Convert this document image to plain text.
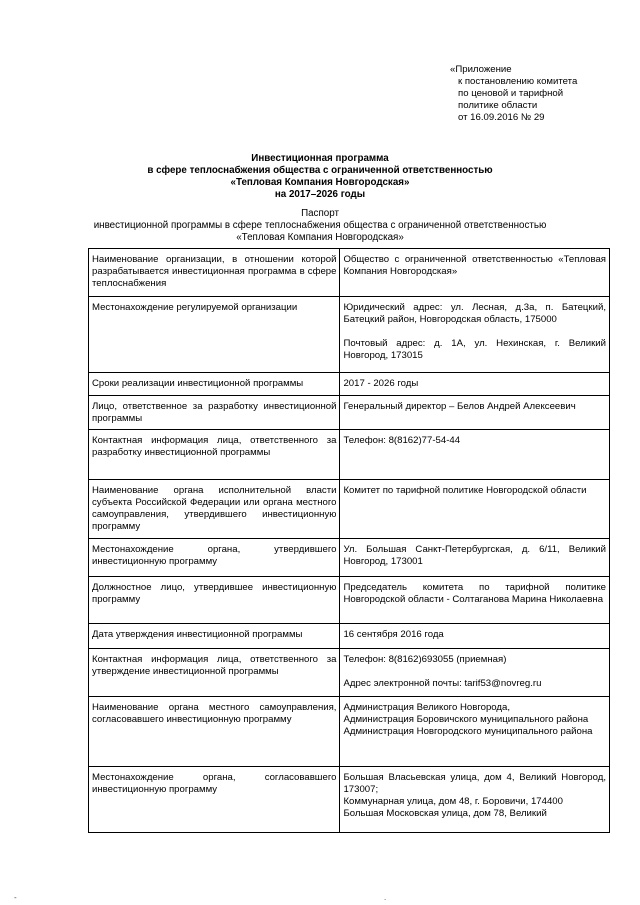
«Приложение
к постановлению комитета
по ценовой и тарифной
политике области
от 16.09.2016 № 29
Инвестиционная программа
в сфере теплоснабжения общества с ограниченной ответственностью
«Тепловая Компания Новгородская»
на 2017–2026 годы
Паспорт
инвестиционной программы в сфере теплоснабжения общества с ограниченной ответственностью
«Тепловая Компания Новгородская»
Наименование организации, в отношении которой разрабатывается инвестиционная программа в сфере теплоснабжения	Общество с ограниченной ответственностью «Тепловая Компания Новгородская»

Местонахождение регулируемой организации	Юридический адрес: ул. Лесная, д.3а, п. Батецкий, Батецкий район, Новгородская область, 175000
Почтовый адрес: д. 1А, ул. Нехинская, г. Великий Новгород, 173015

Сроки реализации инвестиционной программы	2017 - 2026 годы

Лицо, ответственное за разработку инвестиционной программы	Генеральный директор – Белов Андрей Алексеевич

Контактная информация лица, ответственного за разработку инвестиционной программы	Телефон: 8(8162)77-54-44

Наименование органа исполнительной власти субъекта Российской Федерации или органа местного самоуправления, утвердившего инвестиционную программу	Комитет по тарифной политике Новгородской области

Местонахождение органа, утвердившего инвестиционную программу	Ул. Большая Санкт-Петербургская, д. 6/11, Великий Новгород, 173001

Должностное лицо, утвердившее инвестиционную программу	Председатель комитета по тарифной политике Новгородской области - Солтаганова Марина Николаевна

Дата утверждения инвестиционной программы	16 сентября 2016 года

Контактная информация лица, ответственного за утверждение инвестиционной программы	Телефон: 8(8162)693055 (приемная)
Адрес электронной почты: tarif53@novreg.ru

Наименование органа местного самоуправления, согласовавшего инвестиционную программу	Администрация Великого Новгорода,
Администрация Боровичского муниципального района
Администрация Новгородского муниципального района

Местонахождение органа, согласовавшего инвестиционную программу	Большая Власьевская улица, дом 4, Великий Новгород, 173007;
Коммунарная улица, дом 48, г. Боровичи, 174400
Большая Московская улица, дом 78, Великий
-	.
